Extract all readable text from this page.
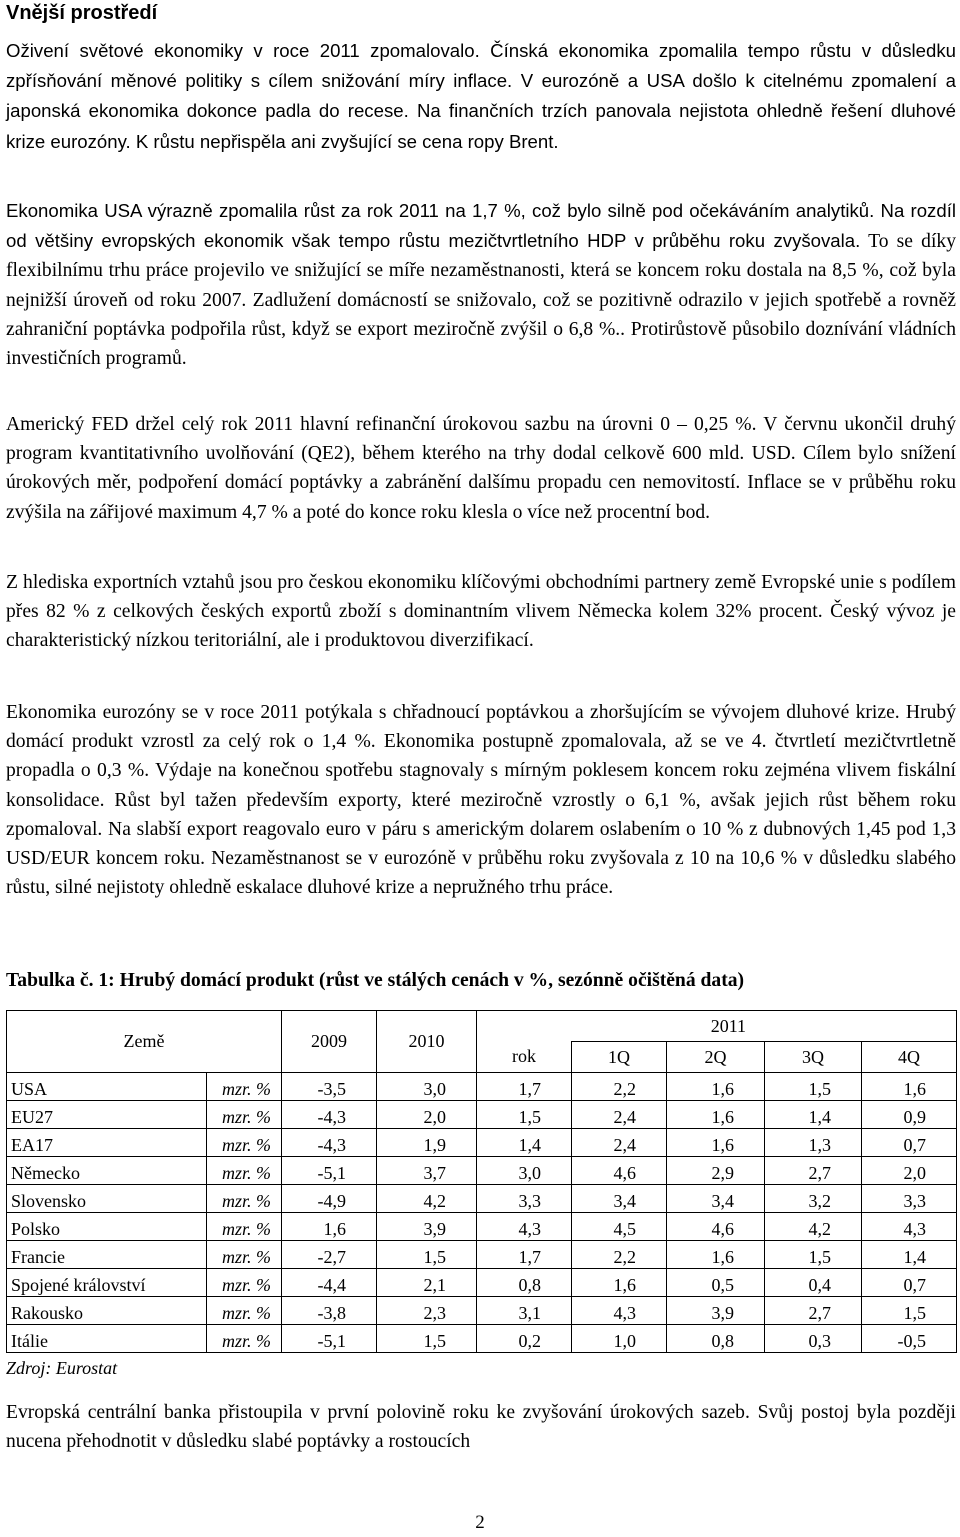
Vnější prostředí

Oživení světové ekonomiky v roce 2011 zpomalovalo. Čínská ekonomika zpomalila tempo růstu v důsledku zpřísňování měnové politiky s cílem snižování míry inflace. V eurozóně a USA došlo k citelnému zpomalení a japonská ekonomika dokonce padla do recese. Na finančních trzích panovala nejistota ohledně řešení dluhové krize eurozóny. K růstu nepřispěla ani zvyšující se cena ropy Brent.

Ekonomika USA výrazně zpomalila růst za rok 2011 na 1,7 %, což bylo silně pod očekáváním analytiků. Na rozdíl od většiny evropských ekonomik však tempo růstu mezičtvrtletního HDP v průběhu roku zvyšovala. To se díky flexibilnímu trhu práce projevilo ve snižující se míře nezaměstnanosti, která se koncem roku dostala na 8,5 %, což byla nejnižší úroveň od roku 2007. Zadlužení domácností se snižovalo, což se pozitivně odrazilo v jejich spotřebě a rovněž zahraniční poptávka podpořila růst, když se export meziročně zvýšil o 6,8 %.. Protirůstově působilo doznívání vládních investičních programů.

Americký FED držel celý rok 2011 hlavní refinanční úrokovou sazbu na úrovni 0 – 0,25 %. V červnu ukončil druhý program kvantitativního uvolňování (QE2), během kterého na trhy dodal celkově 600 mld. USD. Cílem bylo snížení úrokových měr, podpoření domácí poptávky a zabránění dalšímu propadu cen nemovitostí. Inflace se v průběhu roku zvýšila na zářijové maximum 4,7 % a poté do konce roku klesla o více než procentní bod.

Z hlediska exportních vztahů jsou pro českou ekonomiku klíčovými obchodními partnery země Evropské unie s podílem přes 82 % z celkových českých exportů zboží s dominantním vlivem Německa kolem 32% procent. Český vývoz je charakteristický nízkou teritoriální, ale i produktovou diverzifikací.

Ekonomika eurozóny se v roce 2011 potýkala s chřadnoucí poptávkou a zhoršujícím se vývojem dluhové krize. Hrubý domácí produkt vzrostl za celý rok o 1,4 %. Ekonomika postupně zpomalovala, až se ve 4. čtvrtletí mezičtvrtletně propadla o 0,3 %. Výdaje na konečnou spotřebu stagnovaly s mírným poklesem koncem roku zejména vlivem fiskální konsolidace. Růst byl tažen především exporty, které meziročně vzrostly o 6,1 %, avšak jejich růst během roku zpomaloval. Na slabší export reagovalo euro v páru s americkým dolarem oslabením o 10 % z dubnových 1,45 pod 1,3 USD/EUR koncem roku. Nezaměstnanost se v eurozóně v průběhu roku zvyšovala z 10 na 10,6 % v důsledku slabého růstu, silné nejistoty ohledně eskalace dluhové krize a nepružného trhu práce.

Tabulka č. 1: Hrubý domácí produkt (růst ve stálých cenách v %, sezónně očištěná data)
Země		2009	2010	2011				
				rok	1Q	2Q	3Q	4Q
USA	mzr. %	-3,5	3,0	1,7	2,2	1,6	1,5	1,6
EU27	mzr. %	-4,3	2,0	1,5	2,4	1,6	1,4	0,9
EA17	mzr. %	-4,3	1,9	1,4	2,4	1,6	1,3	0,7
Německo	mzr. %	-5,1	3,7	3,0	4,6	2,9	2,7	2,0
Slovensko	mzr. %	-4,9	4,2	3,3	3,4	3,4	3,2	3,3
Polsko	mzr. %	1,6	3,9	4,3	4,5	4,6	4,2	4,3
Francie	mzr. %	-2,7	1,5	1,7	2,2	1,6	1,5	1,4
Spojené království	mzr. %	-4,4	2,1	0,8	1,6	0,5	0,4	0,7
Rakousko	mzr. %	-3,8	2,3	3,1	4,3	3,9	2,7	1,5
Itálie	mzr. %	-5,1	1,5	0,2	1,0	0,8	0,3	-0,5
Zdroj: Eurostat

Evropská centrální banka přistoupila v první polovině roku ke zvyšování úrokových sazeb. Svůj postoj byla později nucena přehodnotit v důsledku slabé poptávky a rostoucích

2
